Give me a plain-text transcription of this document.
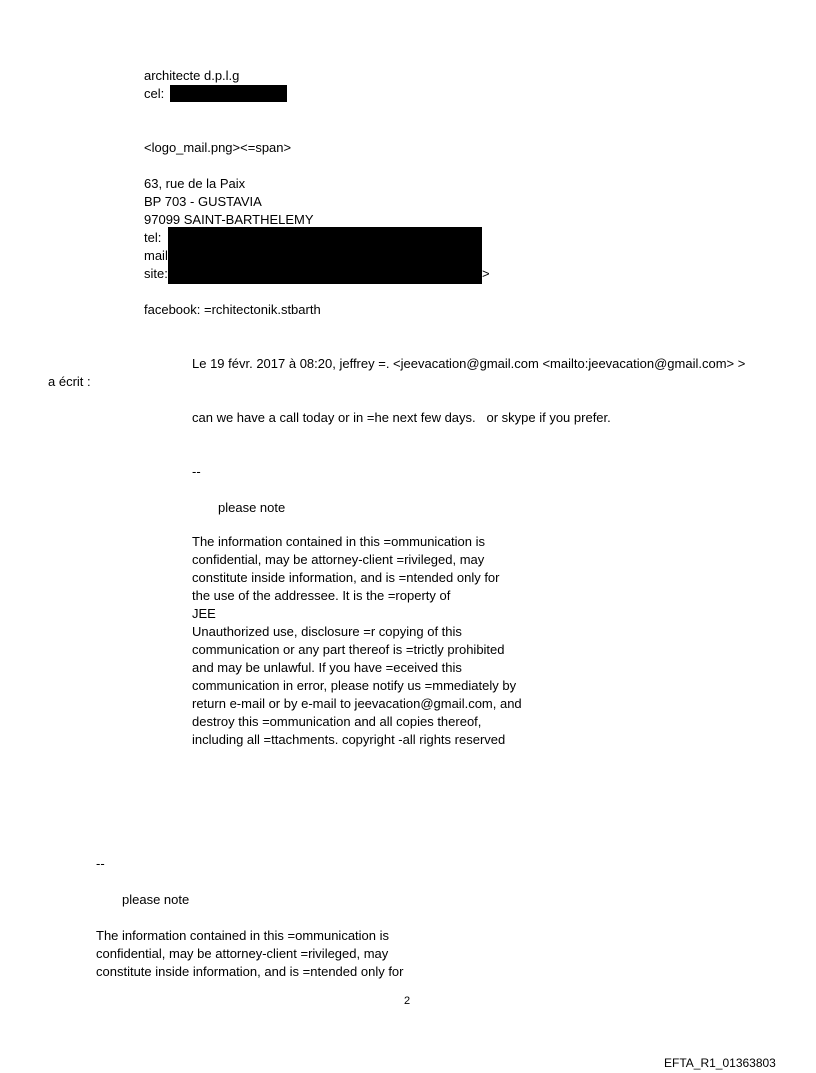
architecte d.p.l.g
cel:
<logo_mail.png><=span>
63, rue de la Paix
BP 703 - GUSTAVIA
97099 SAINT-BARTHELEMY
tel:
mail
site:	>
facebook: =rchitectonik.stbarth
Le 19 févr. 2017 à 08:20, jeffrey =. <jeevacation@gmail.com <mailto:jeevacation@gmail.com> >
a écrit :
can we have a call today or in =he next few days.   or skype if you prefer.
--
please note
The information contained in this =ommunication is
confidential, may be attorney-client =rivileged, may
constitute inside information, and is =ntended only for
the use of the addressee. It is the =roperty of
JEE
Unauthorized use, disclosure =r copying of this
communication or any part thereof is =trictly prohibited
and may be unlawful. If you have =eceived this
communication in error, please notify us =mmediately by
return e-mail or by e-mail to jeevacation@gmail.com, and
destroy this =ommunication and all copies thereof,
including all =ttachments. copyright -all rights reserved
--
please note
The information contained in this =ommunication is
confidential, may be attorney-client =rivileged, may
constitute inside information, and is =ntended only for
2
EFTA_R1_01363803
